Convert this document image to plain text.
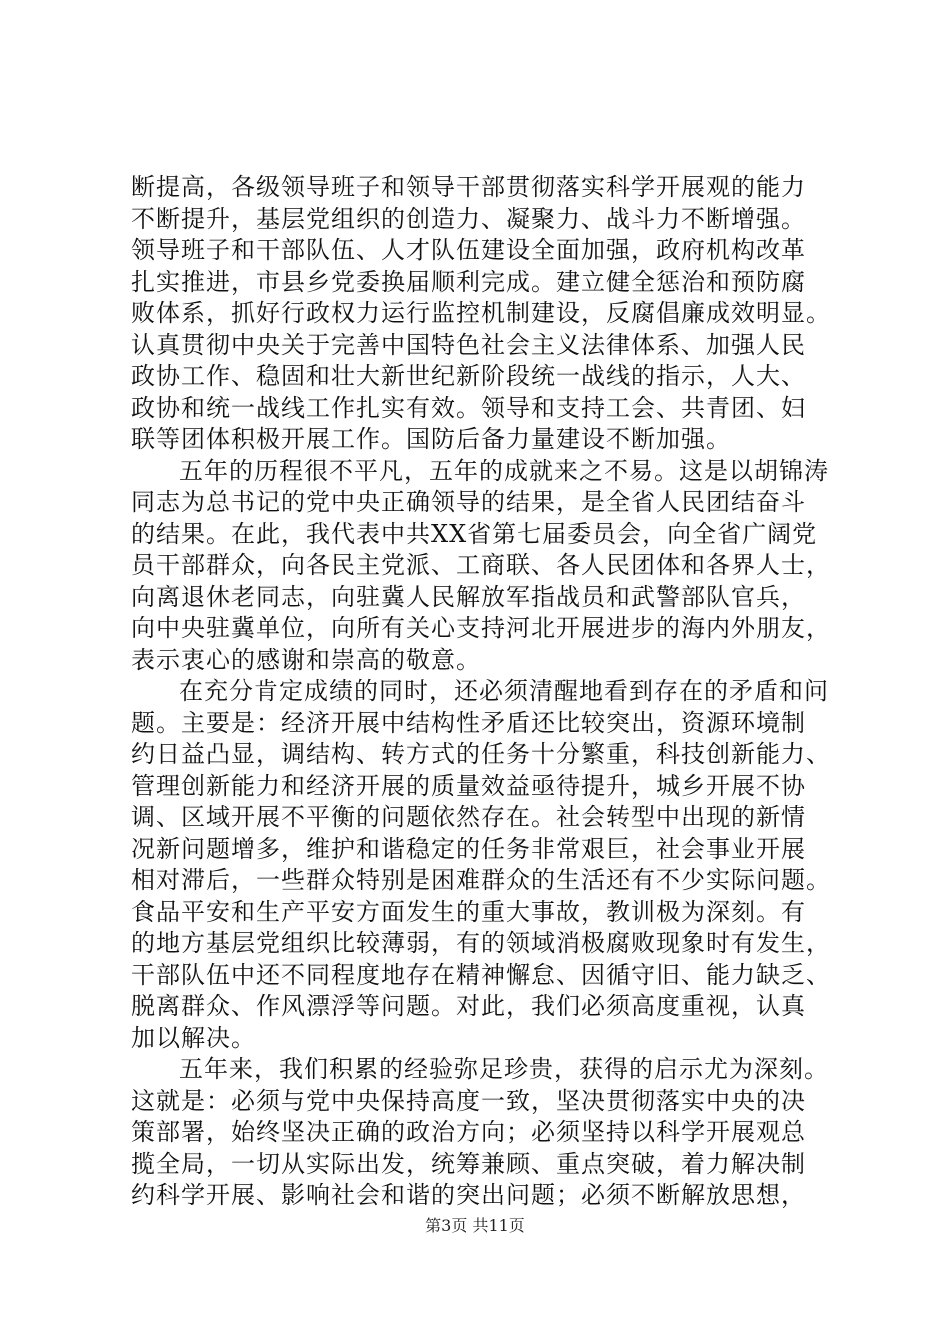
断提高，各级领导班子和领导干部贯彻落实科学开展观的能力
不断提升，基层党组织的创造力、凝聚力、战斗力不断增强。
领导班子和干部队伍、人才队伍建设全面加强，政府机构改革
扎实推进，市县乡党委换届顺利完成。建立健全惩治和预防腐
败体系，抓好行政权力运行监控机制建设，反腐倡廉成效明显。
认真贯彻中央关于完善中国特色社会主义法律体系、加强人民
政协工作、稳固和壮大新世纪新阶段统一战线的指示，人大、
政协和统一战线工作扎实有效。领导和支持工会、共青团、妇
联等团体积极开展工作。国防后备力量建设不断加强。
五年的历程很不平凡，五年的成就来之不易。这是以胡锦涛
同志为总书记的党中央正确领导的结果，是全省人民团结奋斗
的结果。在此，我代表中共XX省第七届委员会，向全省广阔党
员干部群众，向各民主党派、工商联、各人民团体和各界人士，
向离退休老同志，向驻冀人民解放军指战员和武警部队官兵，
向中央驻冀单位，向所有关心支持河北开展进步的海内外朋友，
表示衷心的感谢和崇高的敬意。
在充分肯定成绩的同时，还必须清醒地看到存在的矛盾和问
题。主要是：经济开展中结构性矛盾还比较突出，资源环境制
约日益凸显，调结构、转方式的任务十分繁重，科技创新能力、
管理创新能力和经济开展的质量效益亟待提升，城乡开展不协
调、区域开展不平衡的问题依然存在。社会转型中出现的新情
况新问题增多，维护和谐稳定的任务非常艰巨，社会事业开展
相对滞后，一些群众特别是困难群众的生活还有不少实际问题。
食品平安和生产平安方面发生的重大事故，教训极为深刻。有
的地方基层党组织比较薄弱，有的领域消极腐败现象时有发生，
干部队伍中还不同程度地存在精神懈怠、因循守旧、能力缺乏、
脱离群众、作风漂浮等问题。对此，我们必须高度重视，认真
加以解决。
五年来，我们积累的经验弥足珍贵，获得的启示尤为深刻。
这就是：必须与党中央保持高度一致，坚决贯彻落实中央的决
策部署，始终坚决正确的政治方向；必须坚持以科学开展观总
揽全局，一切从实际出发，统筹兼顾、重点突破，着力解决制
约科学开展、影响社会和谐的突出问题；必须不断解放思想，
第3页 共11页
